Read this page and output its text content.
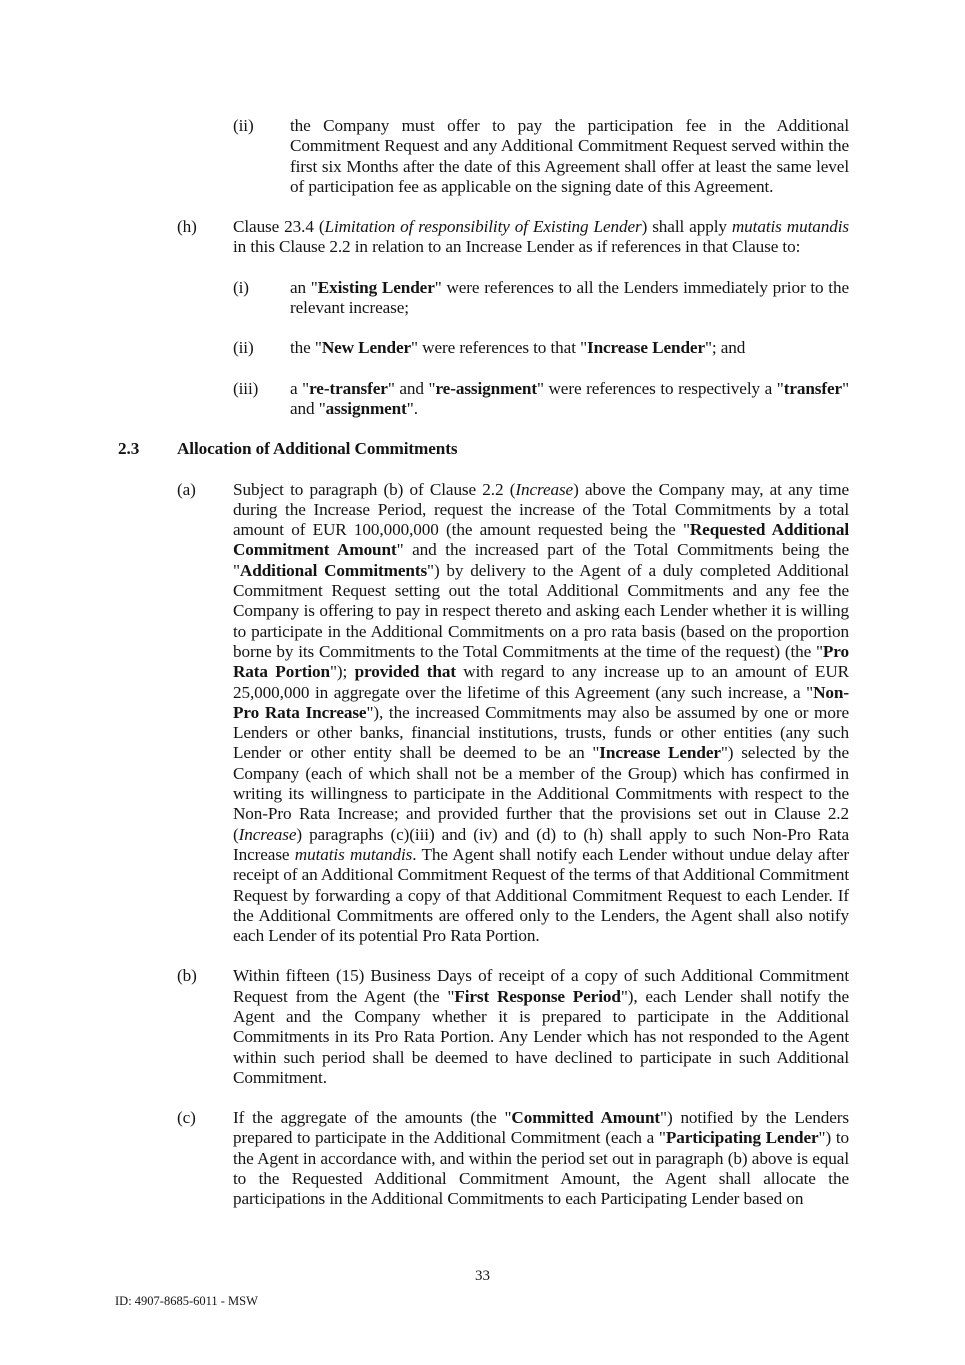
(ii)	the Company must offer to pay the participation fee in the Additional Commitment Request and any Additional Commitment Request served within the first six Months after the date of this Agreement shall offer at least the same level of participation fee as applicable on the signing date of this Agreement.
(h)	Clause 23.4 (Limitation of responsibility of Existing Lender) shall apply mutatis mutandis in this Clause 2.2 in relation to an Increase Lender as if references in that Clause to:
(i)	an "Existing Lender" were references to all the Lenders immediately prior to the relevant increase;
(ii)	the "New Lender" were references to that "Increase Lender"; and
(iii)	a "re-transfer" and "re-assignment" were references to respectively a "transfer" and "assignment".
2.3	Allocation of Additional Commitments
(a)	Subject to paragraph (b) of Clause 2.2 (Increase) above the Company may, at any time during the Increase Period, request the increase of the Total Commitments by a total amount of EUR 100,000,000 (the amount requested being the "Requested Additional Commitment Amount" and the increased part of the Total Commitments being the "Additional Commitments") by delivery to the Agent of a duly completed Additional Commitment Request setting out the total Additional Commitments and any fee the Company is offering to pay in respect thereto and asking each Lender whether it is willing to participate in the Additional Commitments on a pro rata basis (based on the proportion borne by its Commitments to the Total Commitments at the time of the request) (the "Pro Rata Portion"); provided that with regard to any increase up to an amount of EUR 25,000,000 in aggregate over the lifetime of this Agreement (any such increase, a "Non-Pro Rata Increase"), the increased Commitments may also be assumed by one or more Lenders or other banks, financial institutions, trusts, funds or other entities (any such Lender or other entity shall be deemed to be an "Increase Lender") selected by the Company (each of which shall not be a member of the Group) which has confirmed in writing its willingness to participate in the Additional Commitments with respect to the Non-Pro Rata Increase; and provided further that the provisions set out in Clause 2.2 (Increase) paragraphs (c)(iii) and (iv) and (d) to (h) shall apply to such Non-Pro Rata Increase mutatis mutandis. The Agent shall notify each Lender without undue delay after receipt of an Additional Commitment Request of the terms of that Additional Commitment Request by forwarding a copy of that Additional Commitment Request to each Lender. If the Additional Commitments are offered only to the Lenders, the Agent shall also notify each Lender of its potential Pro Rata Portion.
(b)	Within fifteen (15) Business Days of receipt of a copy of such Additional Commitment Request from the Agent (the "First Response Period"), each Lender shall notify the Agent and the Company whether it is prepared to participate in the Additional Commitments in its Pro Rata Portion. Any Lender which has not responded to the Agent within such period shall be deemed to have declined to participate in such Additional Commitment.
(c)	If the aggregate of the amounts (the "Committed Amount") notified by the Lenders prepared to participate in the Additional Commitment (each a "Participating Lender") to the Agent in accordance with, and within the period set out in paragraph (b) above is equal to the Requested Additional Commitment Amount, the Agent shall allocate the participations in the Additional Commitments to each Participating Lender based on
33
ID: 4907-8685-6011 - MSW
